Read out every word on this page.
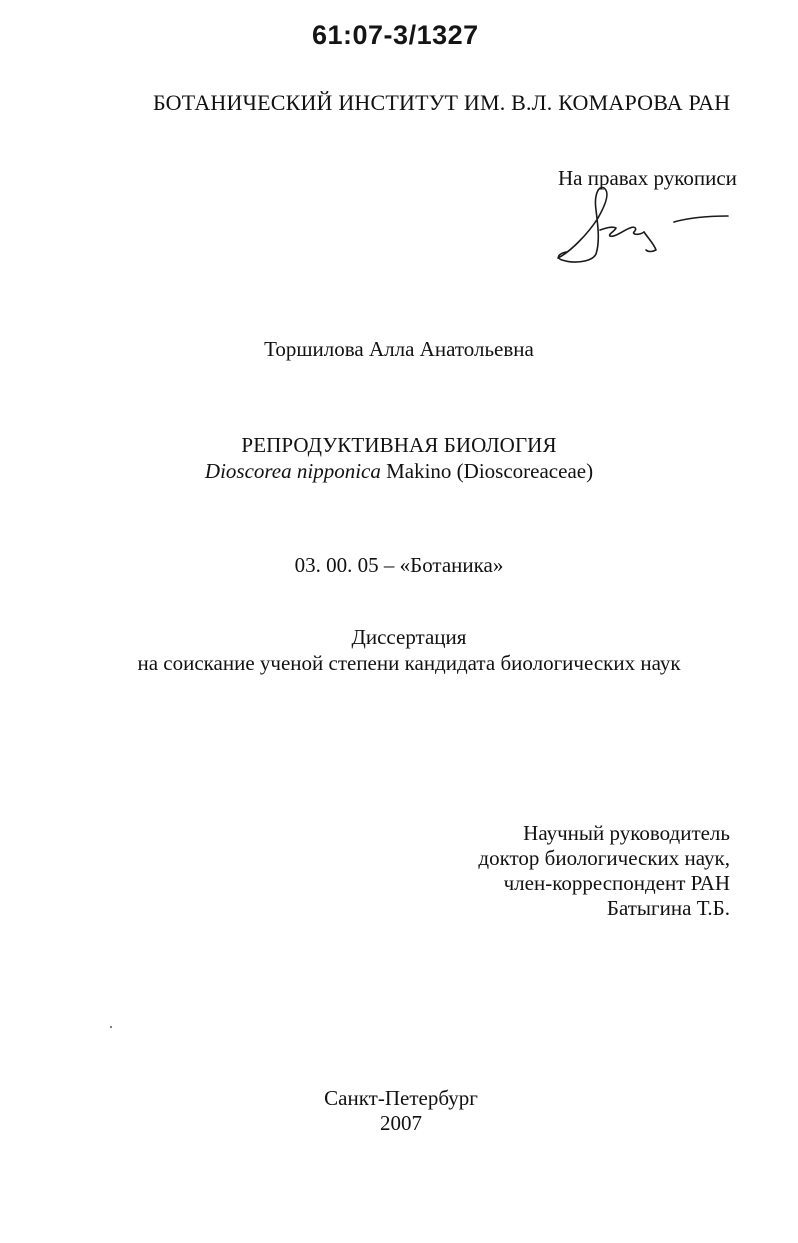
61:07-3/1327
БОТАНИЧЕСКИЙ ИНСТИТУТ ИМ. В.Л. КОМАРОВА РАН
На правах рукописи
Торшилова Алла Анатольевна
РЕПРОДУКТИВНАЯ БИОЛОГИЯ
Dioscorea nipponica Makino (Dioscoreaceae)
03. 00. 05 – «Ботаника»
Диссертация
на соискание ученой степени кандидата биологических наук
Научный руководитель
доктор биологических наук,
член-корреспондент РАН
Батыгина Т.Б.
Санкт-Петербург
2007
